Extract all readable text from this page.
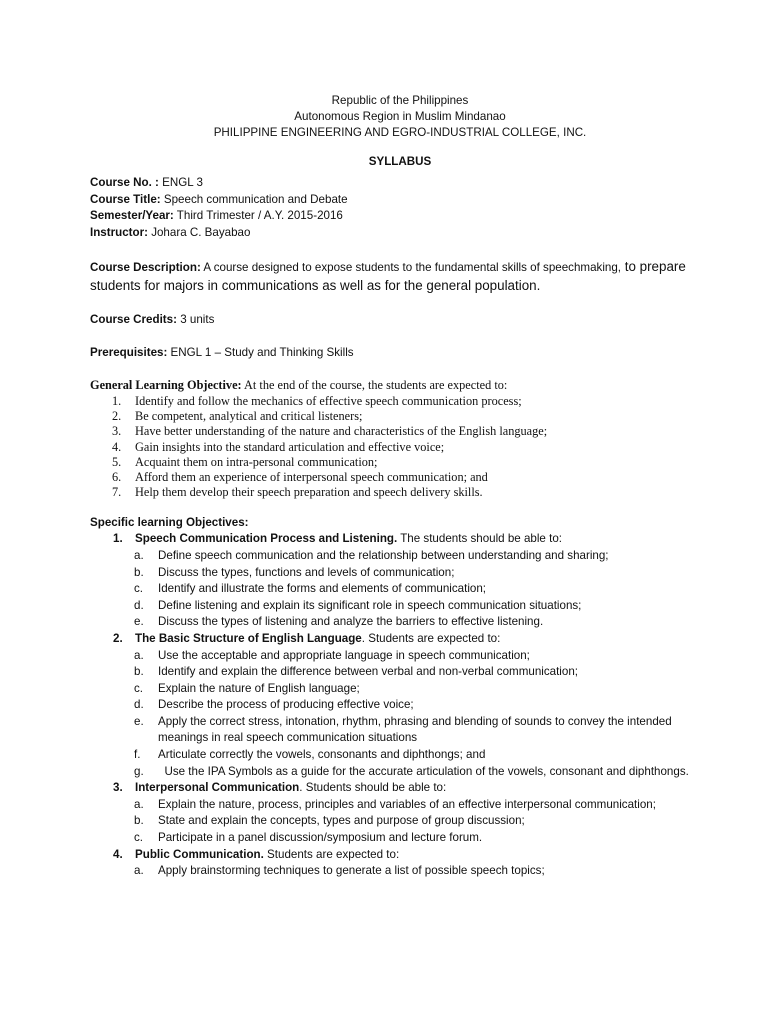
Republic of the Philippines
Autonomous Region in Muslim Mindanao
PHILIPPINE ENGINEERING AND EGRO-INDUSTRIAL COLLEGE, INC.
SYLLABUS
Course No. : ENGL 3
Course Title: Speech communication and Debate
Semester/Year: Third Trimester / A.Y. 2015-2016
Instructor: Johara C. Bayabao
Course Description: A course designed to expose students to the fundamental skills of speechmaking, to prepare students for majors in communications as well as for the general population.
Course Credits: 3 units
Prerequisites: ENGL 1 – Study and Thinking Skills
General Learning Objective: At the end of the course, the students are expected to:
1. Identify and follow the mechanics of effective speech communication process;
2. Be competent, analytical and critical listeners;
3. Have better understanding of the nature and characteristics of the English language;
4. Gain insights into the standard articulation and effective voice;
5. Acquaint them on intra-personal communication;
6. Afford them an experience of interpersonal speech communication; and
7. Help them develop their speech preparation and speech delivery skills.
Specific learning Objectives:
1. Speech Communication Process and Listening. The students should be able to:
a. Define speech communication and the relationship between understanding and sharing;
b. Discuss the types, functions and levels of communication;
c. Identify and illustrate the forms and elements of communication;
d. Define listening and explain its significant role in speech communication situations;
e. Discuss the types of listening and analyze the barriers to effective listening.
2. The Basic Structure of English Language. Students are expected to:
a. Use the acceptable and appropriate language in speech communication;
b. Identify and explain the difference between verbal and non-verbal communication;
c. Explain the nature of English language;
d. Describe the process of producing effective voice;
e. Apply the correct stress, intonation, rhythm, phrasing and blending of sounds to convey the intended meanings in real speech communication situations
f. Articulate correctly the vowels, consonants and diphthongs; and
g. Use the IPA Symbols as a guide for the accurate articulation of the vowels, consonant and diphthongs.
3. Interpersonal Communication. Students should be able to:
a. Explain the nature, process, principles and variables of an effective interpersonal communication;
b. State and explain the concepts, types and purpose of group discussion;
c. Participate in a panel discussion/symposium and lecture forum.
4. Public Communication. Students are expected to:
a. Apply brainstorming techniques to generate a list of possible speech topics;
